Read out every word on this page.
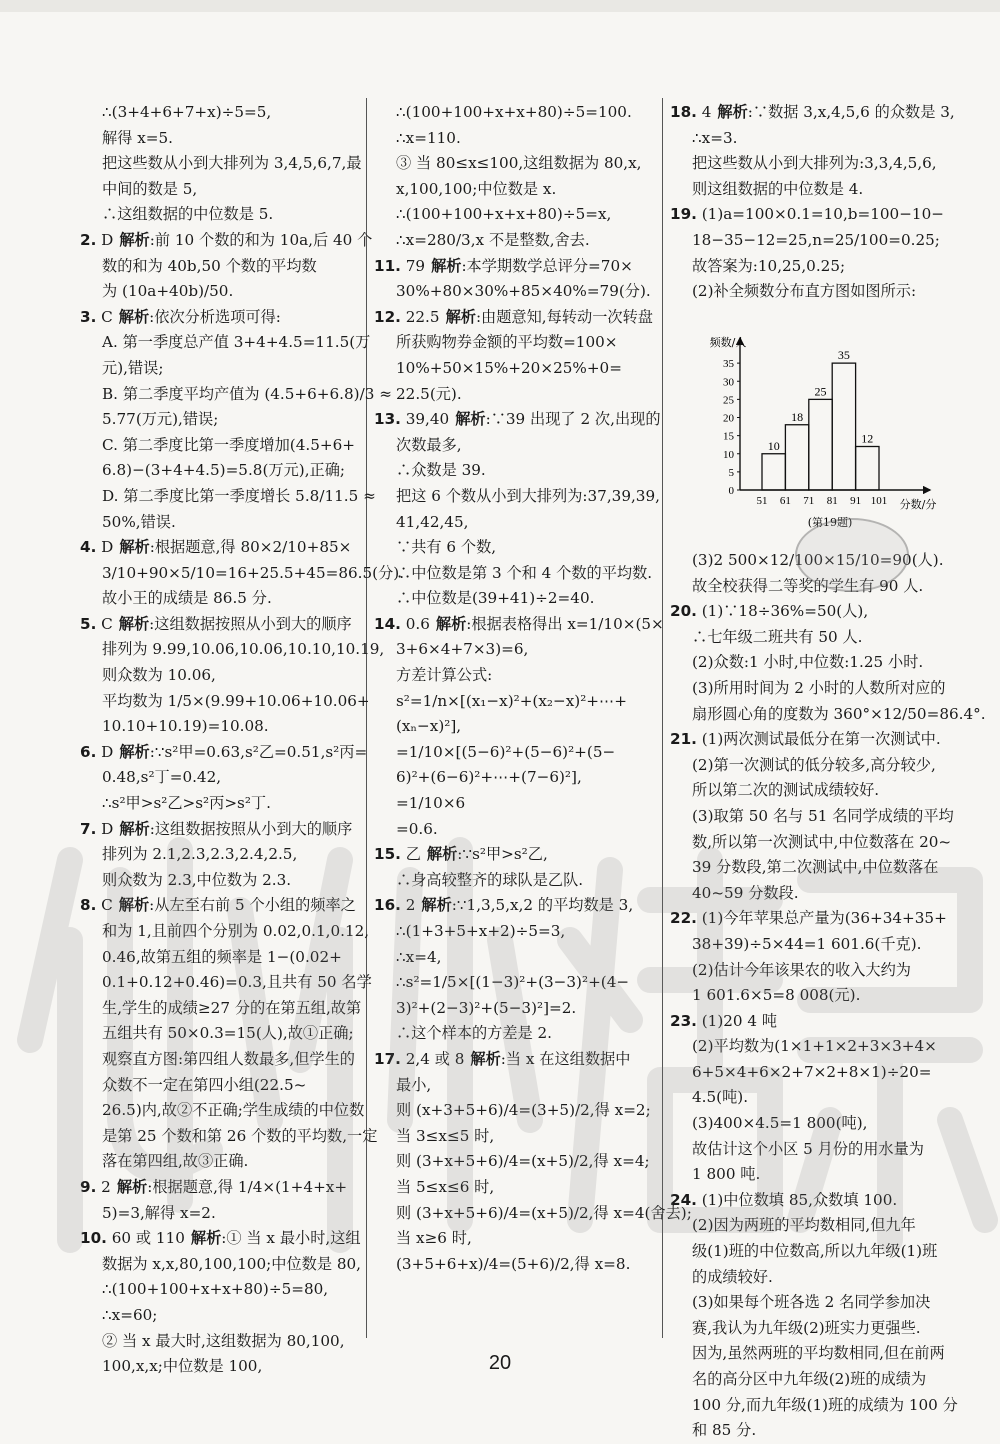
∴(3+4+6+7+x)÷5=5,
解得 x=5.
把这些数从小到大排列为 3,4,5,6,7,最
中间的数是 5,
∴这组数据的中位数是 5.
2. D 解析:前 10 个数的和为 10a,后 40 个
数的和为 40b,50 个数的平均数
为 (10a+40b)/50.
3. C 解析:依次分析选项可得:
A. 第一季度总产值 3+4+4.5=11.5(万
元),错误;
B. 第二季度平均产值为 (4.5+6+6.8)/3 ≈
5.77(万元),错误;
C. 第二季度比第一季度增加(4.5+6+
6.8)−(3+4+4.5)=5.8(万元),正确;
D. 第二季度比第一季度增长 5.8/11.5 ≈
50%,错误.
4. D 解析:根据题意,得 80×2/10+85×
3/10+90×5/10=16+25.5+45=86.5(分).
故小王的成绩是 86.5 分.
5. C 解析:这组数据按照从小到大的顺序
排列为 9.99,10.06,10.06,10.10,10.19,
则众数为 10.06,
平均数为 1/5×(9.99+10.06+10.06+
10.10+10.19)=10.08.
6. D 解析:∵s²甲=0.63,s²乙=0.51,s²丙=
0.48,s²丁=0.42,
∴s²甲>s²乙>s²丙>s²丁.
7. D 解析:这组数据按照从小到大的顺序
排列为 2.1,2.3,2.3,2.4,2.5,
则众数为 2.3,中位数为 2.3.
8. C 解析:从左至右前 5 个小组的频率之
和为 1,且前四个分别为 0.02,0.1,0.12,
0.46,故第五组的频率是 1−(0.02+
0.1+0.12+0.46)=0.3,且共有 50 名学
生,学生的成绩≥27 分的在第五组,故第
五组共有 50×0.3=15(人),故①正确;
观察直方图:第四组人数最多,但学生的
众数不一定在第四小组(22.5~
26.5)内,故②不正确;学生成绩的中位数
是第 25 个数和第 26 个数的平均数,一定
落在第四组,故③正确.
9. 2 解析:根据题意,得 1/4×(1+4+x+
5)=3,解得 x=2.
10. 60 或 110 解析:① 当 x 最小时,这组
数据为 x,x,80,100,100;中位数是 80,
∴(100+100+x+x+80)÷5=80,
∴x=60;
② 当 x 最大时,这组数据为 80,100,
100,x,x;中位数是 100,
∴(100+100+x+x+80)÷5=100.
∴x=110.
③ 当 80≤x≤100,这组数据为 80,x,
x,100,100;中位数是 x.
∴(100+100+x+x+80)÷5=x,
∴x=280/3,x 不是整数,舍去.
11. 79 解析:本学期数学总评分=70×
30%+80×30%+85×40%=79(分).
12. 22.5 解析:由题意知,每转动一次转盘
所获购物券金额的平均数=100×
10%+50×15%+20×25%+0=
22.5(元).
13. 39,40 解析:∵39 出现了 2 次,出现的
次数最多,
∴众数是 39.
把这 6 个数从小到大排列为:37,39,39,
41,42,45,
∵共有 6 个数,
∴中位数是第 3 个和 4 个数的平均数.
∴中位数是(39+41)÷2=40.
14. 0.6 解析:根据表格得出 x=1/10×(5×
3+6×4+7×3)=6,
方差计算公式:
s²=1/n×[(x₁−x)²+(x₂−x)²+⋯+
(xₙ−x)²],
=1/10×[(5−6)²+(5−6)²+(5−
6)²+(6−6)²+⋯+(7−6)²],
=1/10×6
=0.6.
15. 乙 解析:∵s²甲>s²乙,
∴身高较整齐的球队是乙队.
16. 2 解析:∵1,3,5,x,2 的平均数是 3,
∴(1+3+5+x+2)÷5=3,
∴x=4,
∴s²=1/5×[(1−3)²+(3−3)²+(4−
3)²+(2−3)²+(5−3)²]=2.
∴这个样本的方差是 2.
17. 2,4 或 8 解析:当 x 在这组数据中
最小,
则 (x+3+5+6)/4=(3+5)/2,得 x=2;
当 3≤x≤5 时,
则 (3+x+5+6)/4=(x+5)/2,得 x=4;
当 5≤x≤6 时,
则 (3+x+5+6)/4=(x+5)/2,得 x=4(舍去);
当 x≥6 时,
(3+5+6+x)/4=(5+6)/2,得 x=8.
18. 4 解析:∵数据 3,x,4,5,6 的众数是 3,
∴x=3.
把这些数从小到大排列为:3,3,4,5,6,
则这组数据的中位数是 4.
19. (1)a=100×0.1=10,b=100−10−
18−35−12=25,n=25/100=0.25;
故答案为:10,25,0.25;
(2)补全频数分布直方图如图所示:
(3)2 500×12/100×15/10=90(人).
故全校获得二等奖的学生有 90 人.
20. (1)∵18÷36%=50(人),
∴七年级二班共有 50 人.
(2)众数:1 小时,中位数:1.25 小时.
(3)所用时间为 2 小时的人数所对应的
扇形圆心角的度数为 360°×12/50=86.4°.
21. (1)两次测试最低分在第一次测试中.
(2)第一次测试的低分较多,高分较少,
所以第二次的测试成绩较好.
(3)取第 50 名与 51 名同学成绩的平均
数,所以第一次测试中,中位数落在 20~
39 分数段,第二次测试中,中位数落在
40~59 分数段.
22. (1)今年苹果总产量为(36+34+35+
38+39)÷5×44=1 601.6(千克).
(2)估计今年该果农的收入大约为
1 601.6×5=8 008(元).
23. (1)20 4 吨
(2)平均数为(1×1+1×2+3×3+4×
6+5×4+6×2+7×2+8×1)÷20=
4.5(吨).
(3)400×4.5=1 800(吨),
故估计这个小区 5 月份的用水量为
1 800 吨.
24. (1)中位数填 85,众数填 100.
(2)因为两班的平均数相同,但九年
级(1)班的中位数高,所以九年级(1)班
的成绩较好.
(3)如果每个班各选 2 名同学参加决
赛,我认为九年级(2)班实力更强些.
因为,虽然两班的平均数相同,但在前两
名的高分区中九年级(2)班的成绩为
100 分,而九年级(1)班的成绩为 100 分
和 85 分.
频数/人
分数/分
0
5
10
15
20
25
30
35
10
18
25
35
12
51 61 71 81 91 101
(第19题)
20
